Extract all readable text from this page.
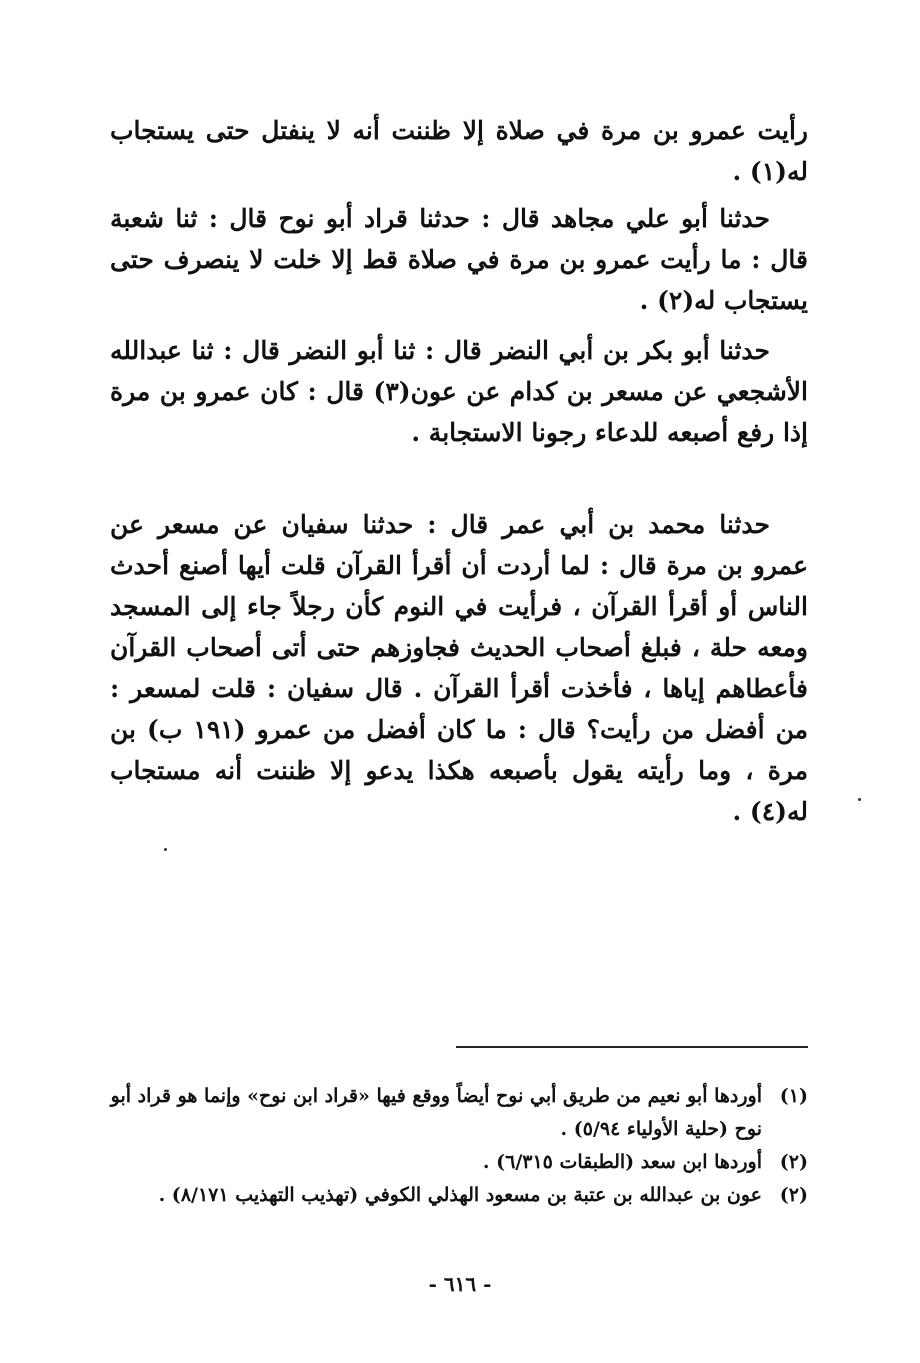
رأيت عمرو بن مرة في صلاة إلا ظننت أنه لا ينفتل حتى يستجاب له(١) .

حدثنا أبو علي مجاهد قال : حدثنا قراد أبو نوح قال : ثنا شعبة قال : ما رأيت عمرو بن مرة في صلاة قط إلا خلت لا ينصرف حتى يستجاب له(٢) .

حدثنا أبو بكر بن أبي النضر قال : ثنا أبو النضر قال : ثنا عبدالله الأشجعي عن مسعر بن كدام عن عون(٣) قال : كان عمرو بن مرة إذا رفع أصبعه للدعاء رجونا الاستجابة .

حدثنا محمد بن أبي عمر قال : حدثنا سفيان عن مسعر عن عمرو بن مرة قال : لما أردت أن أقرأ القرآن قلت أيها أصنع أحدث الناس أو أقرأ القرآن ، فرأيت في النوم كأن رجلاً جاء إلى المسجد ومعه حلة ، فبلغ أصحاب الحديث فجاوزهم حتى أتى أصحاب القرآن فأعطاهم إياها ، فأخذت أقرأ القرآن . قال سفيان : قلت لمسعر : من أفضل من رأيت؟ قال : ما كان أفضل من عمرو (١٩١ ب) بن مرة ، وما رأيته يقول بأصبعه هكذا يدعو إلا ظننت أنه مستجاب له(٤) .

(١)
أوردها أبو نعيم من طريق أبي نوح أيضاً ووقع فيها «قراد ابن نوح» وإنما هو قراد أبو نوح (حلية الأولياء ٥/٩٤) .
(٢)
أوردها ابن سعد (الطبقات ٦/٣١٥) .
(٢)
عون بن عبدالله بن عتبة بن مسعود الهذلي الكوفي (تهذيب التهذيب ٨/١٧١) .
- ٦١٦ -
